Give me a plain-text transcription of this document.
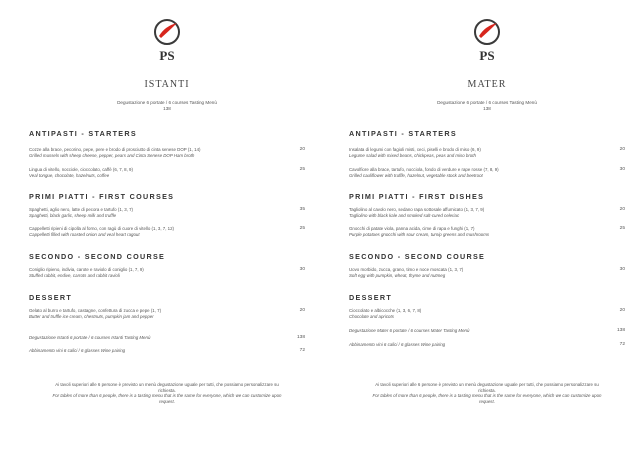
PS
ISTANTI
Degustazione 6 portate / 6 courses Tasting Menù
138
ANTIPASTI - STARTERS
Cozze alla brace, pecorino, pepe, pere e brodo di prosciutto di cinta senese DOP (1, 14)
Grilled mussels with sheep cheese, pepper, pears and Cinta Senese DOP Ham broth
20
Lingua di vitello, nocciole, cioccolato, caffè (6, 7, 8, 9)
Veal tongue, chocolate, hazelnuts, coffee
25
PRIMI PIATTI - FIRST COURSES
Spaghetti, aglio nero, latte di pecora e tartufo (1, 3, 7)
Spaghetti, black garlic, sheep milk and truffle
35
Cappelletti ripieni di cipolla al forno, con ragù di cuore di vitello (1, 3, 7, 12)
Cappelletti filled with roasted onion and veal heart ragout
25
SECONDO - SECOND COURSE
Coniglio ripieno, indivia, carote e raviolo di coniglio (1, 7, 9)
Stuffed rabbit, endive, carrots and rabbit ravioli
30
DESSERT
Gelato al burro e tartufo, castagne, confettura di zucca e pepe (1, 7)
Butter and truffle ice cream, chestnuts, pumpkin jam and pepper
20
Degustazione Istanti 6 portate / 6 courses Istanti Tasting Menù	138
Abbinamento vini 6 calici / 6 glasses Wine pairing	72
Ai tavoli superiori alle 6 persone è previsto un menù degustazione uguale per tutti, che possiamo personalizzare su richiesta.
For tables of more than 6 people, there is a tasting menu that is the same for everyone, which we can customize upon request.
PS
MATER
Degustazione 6 portate / 6 courses Tasting Menù
138
ANTIPASTI - STARTERS
Insalata di legumi con fagioli misti, ceci, piselli e brodo di miso (6, 9)
Legume salad with mixed beans, chickpeas, peas and miso broth
20
Cavolfiore alla brace, tartufo, nocciola, fondo di verdure e rape rosse (7, 8, 9)
Grilled cauliflower with truffle, hazelnut, vegetable stock and beetroot
30
PRIMI PIATTI - FIRST DISHES
Tagliolino al cavolo nero, sedano rapa sottosale affumicato (1, 3, 7, 9)
Tagliolino with black kale and smoked salt-cured celeriac
20
Gnocchi di patate viola, panna acida, cime di rapa e funghi (1, 7)
Purple potatoes gnocchi with sour cream, turnip greens and mushrooms
25
SECONDO - SECOND COURSE
Uovo morbido, zucca, grano, timo e noce moscata (1, 3, 7)
Soft egg with pumpkin, wheat, thyme and nutmeg
30
DESSERT
Cioccolato e albicocche (1, 3, 6, 7, 8)
Chocolate and apricots
20
Degustazione Mater 6 portate / 6 courses Mater Tasting Menù	138
Abbinamento vini 6 calici / 6 glasses Wine pairing	72
Ai tavoli superiori alle 6 persone è previsto un menù degustazione uguale per tutti, che possiamo personalizzare su richiesta.
For tables of more than 6 people, there is a tasting menu that is the same for everyone, which we can customize upon request.
